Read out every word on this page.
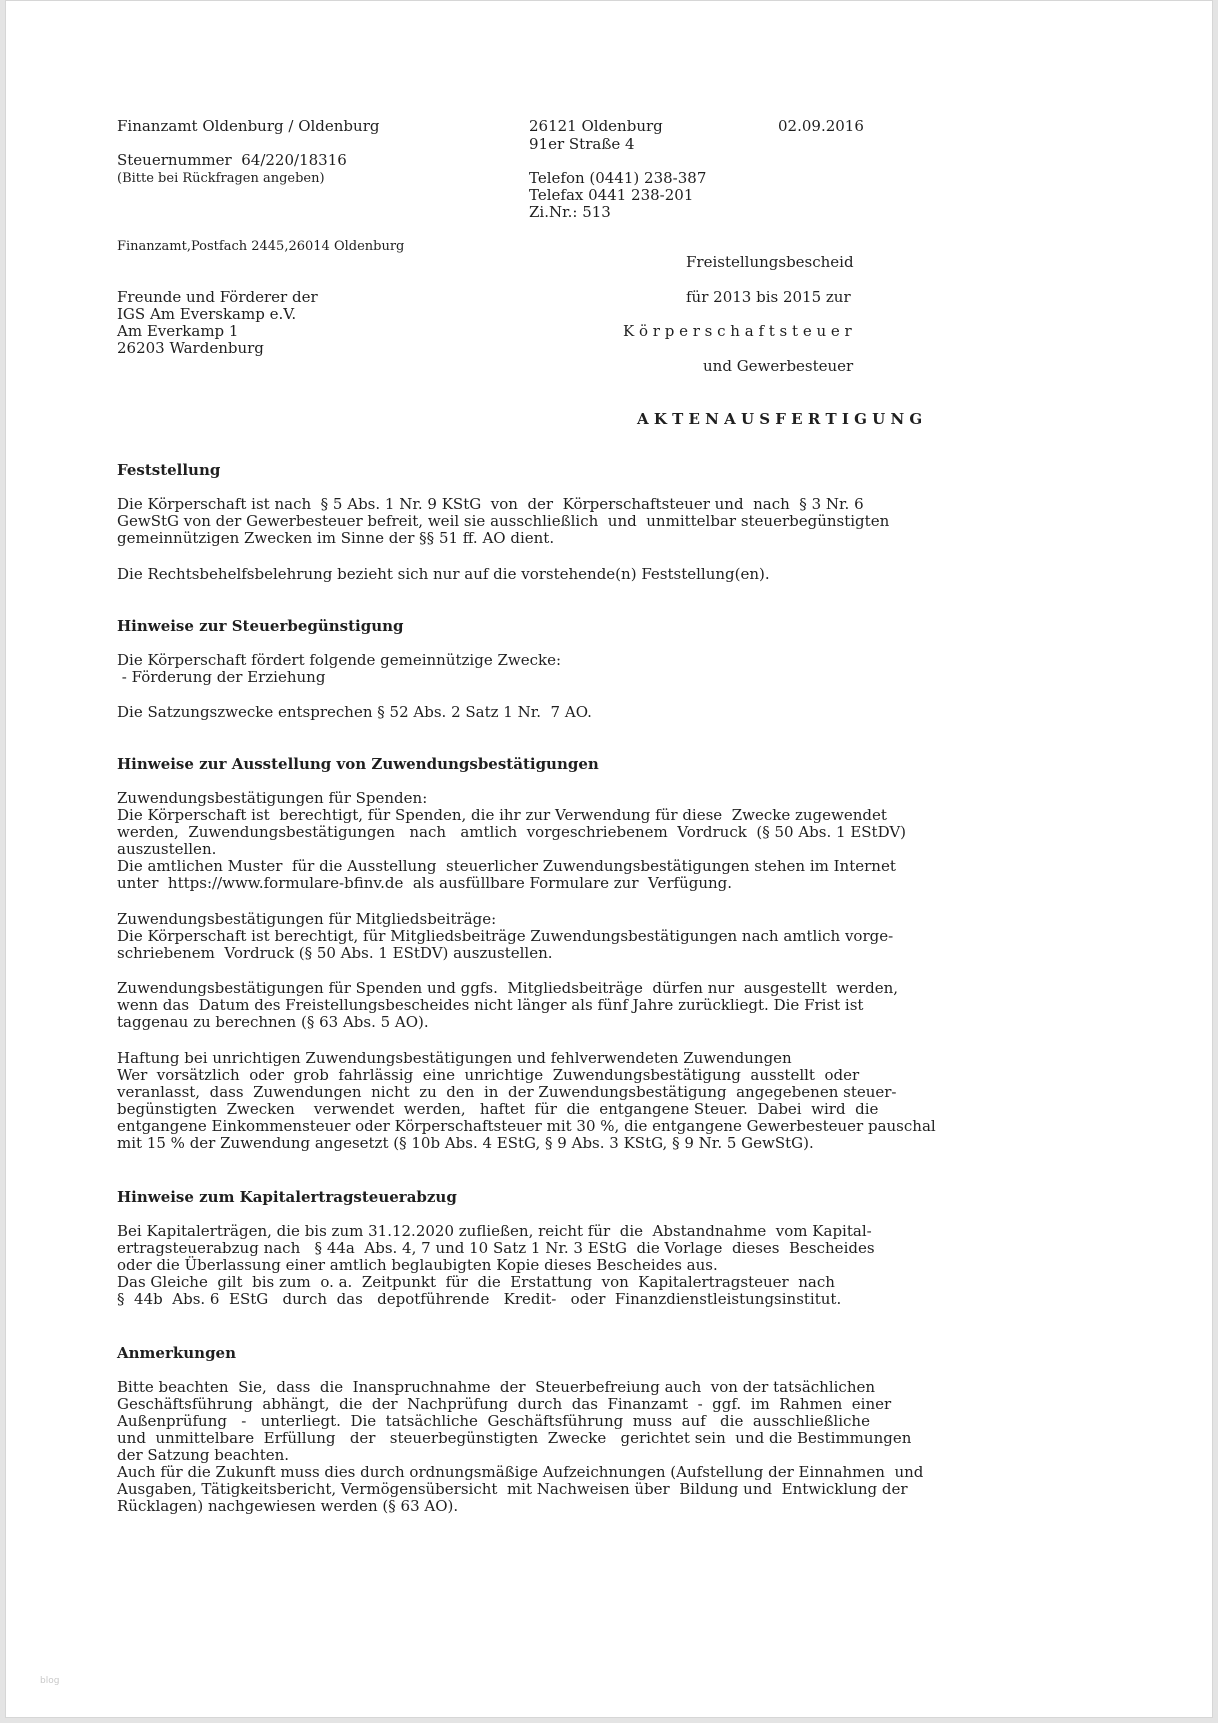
Finanzamt Oldenburg / Oldenburg	26121 Oldenburg	02.09.2016

91er Straße 4

Steuernummer  64/220/18316

(Bitte bei Rückfragen angeben)	Telefon (0441) 238-387

Telefax 0441 238-201

Zi.Nr.: 513

Finanzamt,Postfach 2445,26014 Oldenburg

Freunde und Förderer der

IGS Am Everskamp e.V.

Am Everkamp 1

26203 Wardenburg

Freistellungsbescheid

für 2013 bis 2015 zur

K ö r p e r s c h a f t s t e u e r

und Gewerbesteuer

A K T E N A U S F E R T I G U N G

Feststellung

Die Körperschaft ist nach  § 5 Abs. 1 Nr. 9 KStG  von  der  Körperschaftsteuer und  nach  § 3 Nr. 6
GewStG von der Gewerbesteuer befreit, weil sie ausschließlich  und  unmittelbar steuerbegünstigten
gemeinnützigen Zwecken im Sinne der §§ 51 ff. AO dient.

Die Rechtsbehelfsbelehrung bezieht sich nur auf die vorstehende(n) Feststellung(en).

Hinweise zur Steuerbegünstigung

Die Körperschaft fördert folgende gemeinnützige Zwecke:
- Förderung der Erziehung

Die Satzungszwecke entsprechen § 52 Abs. 2 Satz 1 Nr.  7 AO.

Hinweise zur Ausstellung von Zuwendungsbestätigungen

Zuwendungsbestätigungen für Spenden:
Die Körperschaft ist  berechtigt, für Spenden, die ihr zur Verwendung für diese  Zwecke zugewendet
werden,  Zuwendungsbestätigungen   nach   amtlich  vorgeschriebenem  Vordruck  (§ 50 Abs. 1 EStDV)
auszustellen.
Die amtlichen Muster  für die Ausstellung  steuerlicher Zuwendungsbestätigungen stehen im Internet
unter  https://www.formulare-bfinv.de  als ausfüllbare Formulare zur  Verfügung.
Zuwendungsbestätigungen für Mitgliedsbeiträge:
Die Körperschaft ist berechtigt, für Mitgliedsbeiträge Zuwendungsbestätigungen nach amtlich vorge-
schriebenem  Vordruck (§ 50 Abs. 1 EStDV) auszustellen.
Zuwendungsbestätigungen für Spenden und ggfs.  Mitgliedsbeiträge  dürfen nur  ausgestellt  werden,
wenn das  Datum des Freistellungsbescheides nicht länger als fünf Jahre zurückliegt. Die Frist ist
taggenau zu berechnen (§ 63 Abs. 5 AO).
Haftung bei unrichtigen Zuwendungsbestätigungen und fehlverwendeten Zuwendungen
Wer  vorsätzlich  oder  grob  fahrlässig  eine  unrichtige  Zuwendungsbestätigung  ausstellt  oder
veranlasst,  dass  Zuwendungen  nicht  zu  den  in  der Zuwendungsbestätigung  angegebenen steuer-
begünstigten  Zwecken    verwendet  werden,   haftet  für  die  entgangene Steuer.  Dabei  wird  die
entgangene Einkommensteuer oder Körperschaftsteuer mit 30 %, die entgangene Gewerbesteuer pauschal
mit 15 % der Zuwendung angesetzt (§ 10b Abs. 4 EStG, § 9 Abs. 3 KStG, § 9 Nr. 5 GewStG).

Hinweise zum Kapitalertragsteuerabzug

Bei Kapitalerträgen, die bis zum 31.12.2020 zufließen, reicht für  die  Abstandnahme  vom Kapital-
ertragsteuerabzug nach   § 44a  Abs. 4, 7 und 10 Satz 1 Nr. 3 EStG  die Vorlage  dieses  Bescheides
oder die Überlassung einer amtlich beglaubigten Kopie dieses Bescheides aus.
Das Gleiche  gilt  bis zum  o. a.  Zeitpunkt  für  die  Erstattung  von  Kapitalertragsteuer  nach
§  44b  Abs. 6  EStG   durch  das   depotführende   Kredit-   oder  Finanzdienstleistungsinstitut.

Anmerkungen

Bitte beachten  Sie,  dass  die  Inanspruchnahme  der  Steuerbefreiung auch  von der tatsächlichen
Geschäftsführung  abhängt,  die  der  Nachprüfung  durch  das  Finanzamt  -  ggf.  im  Rahmen  einer
Außenprüfung   -   unterliegt.  Die  tatsächliche  Geschäftsführung  muss  auf   die  ausschließliche
und  unmittelbare  Erfüllung   der   steuerbegünstigten  Zwecke   gerichtet sein  und die Bestimmungen
der Satzung beachten.
Auch für die Zukunft muss dies durch ordnungsmäßige Aufzeichnungen (Aufstellung der Einnahmen  und
Ausgaben, Tätigkeitsbericht, Vermögensübersicht  mit Nachweisen über  Bildung und  Entwicklung der
Rücklagen) nachgewiesen werden (§ 63 AO).

blog
